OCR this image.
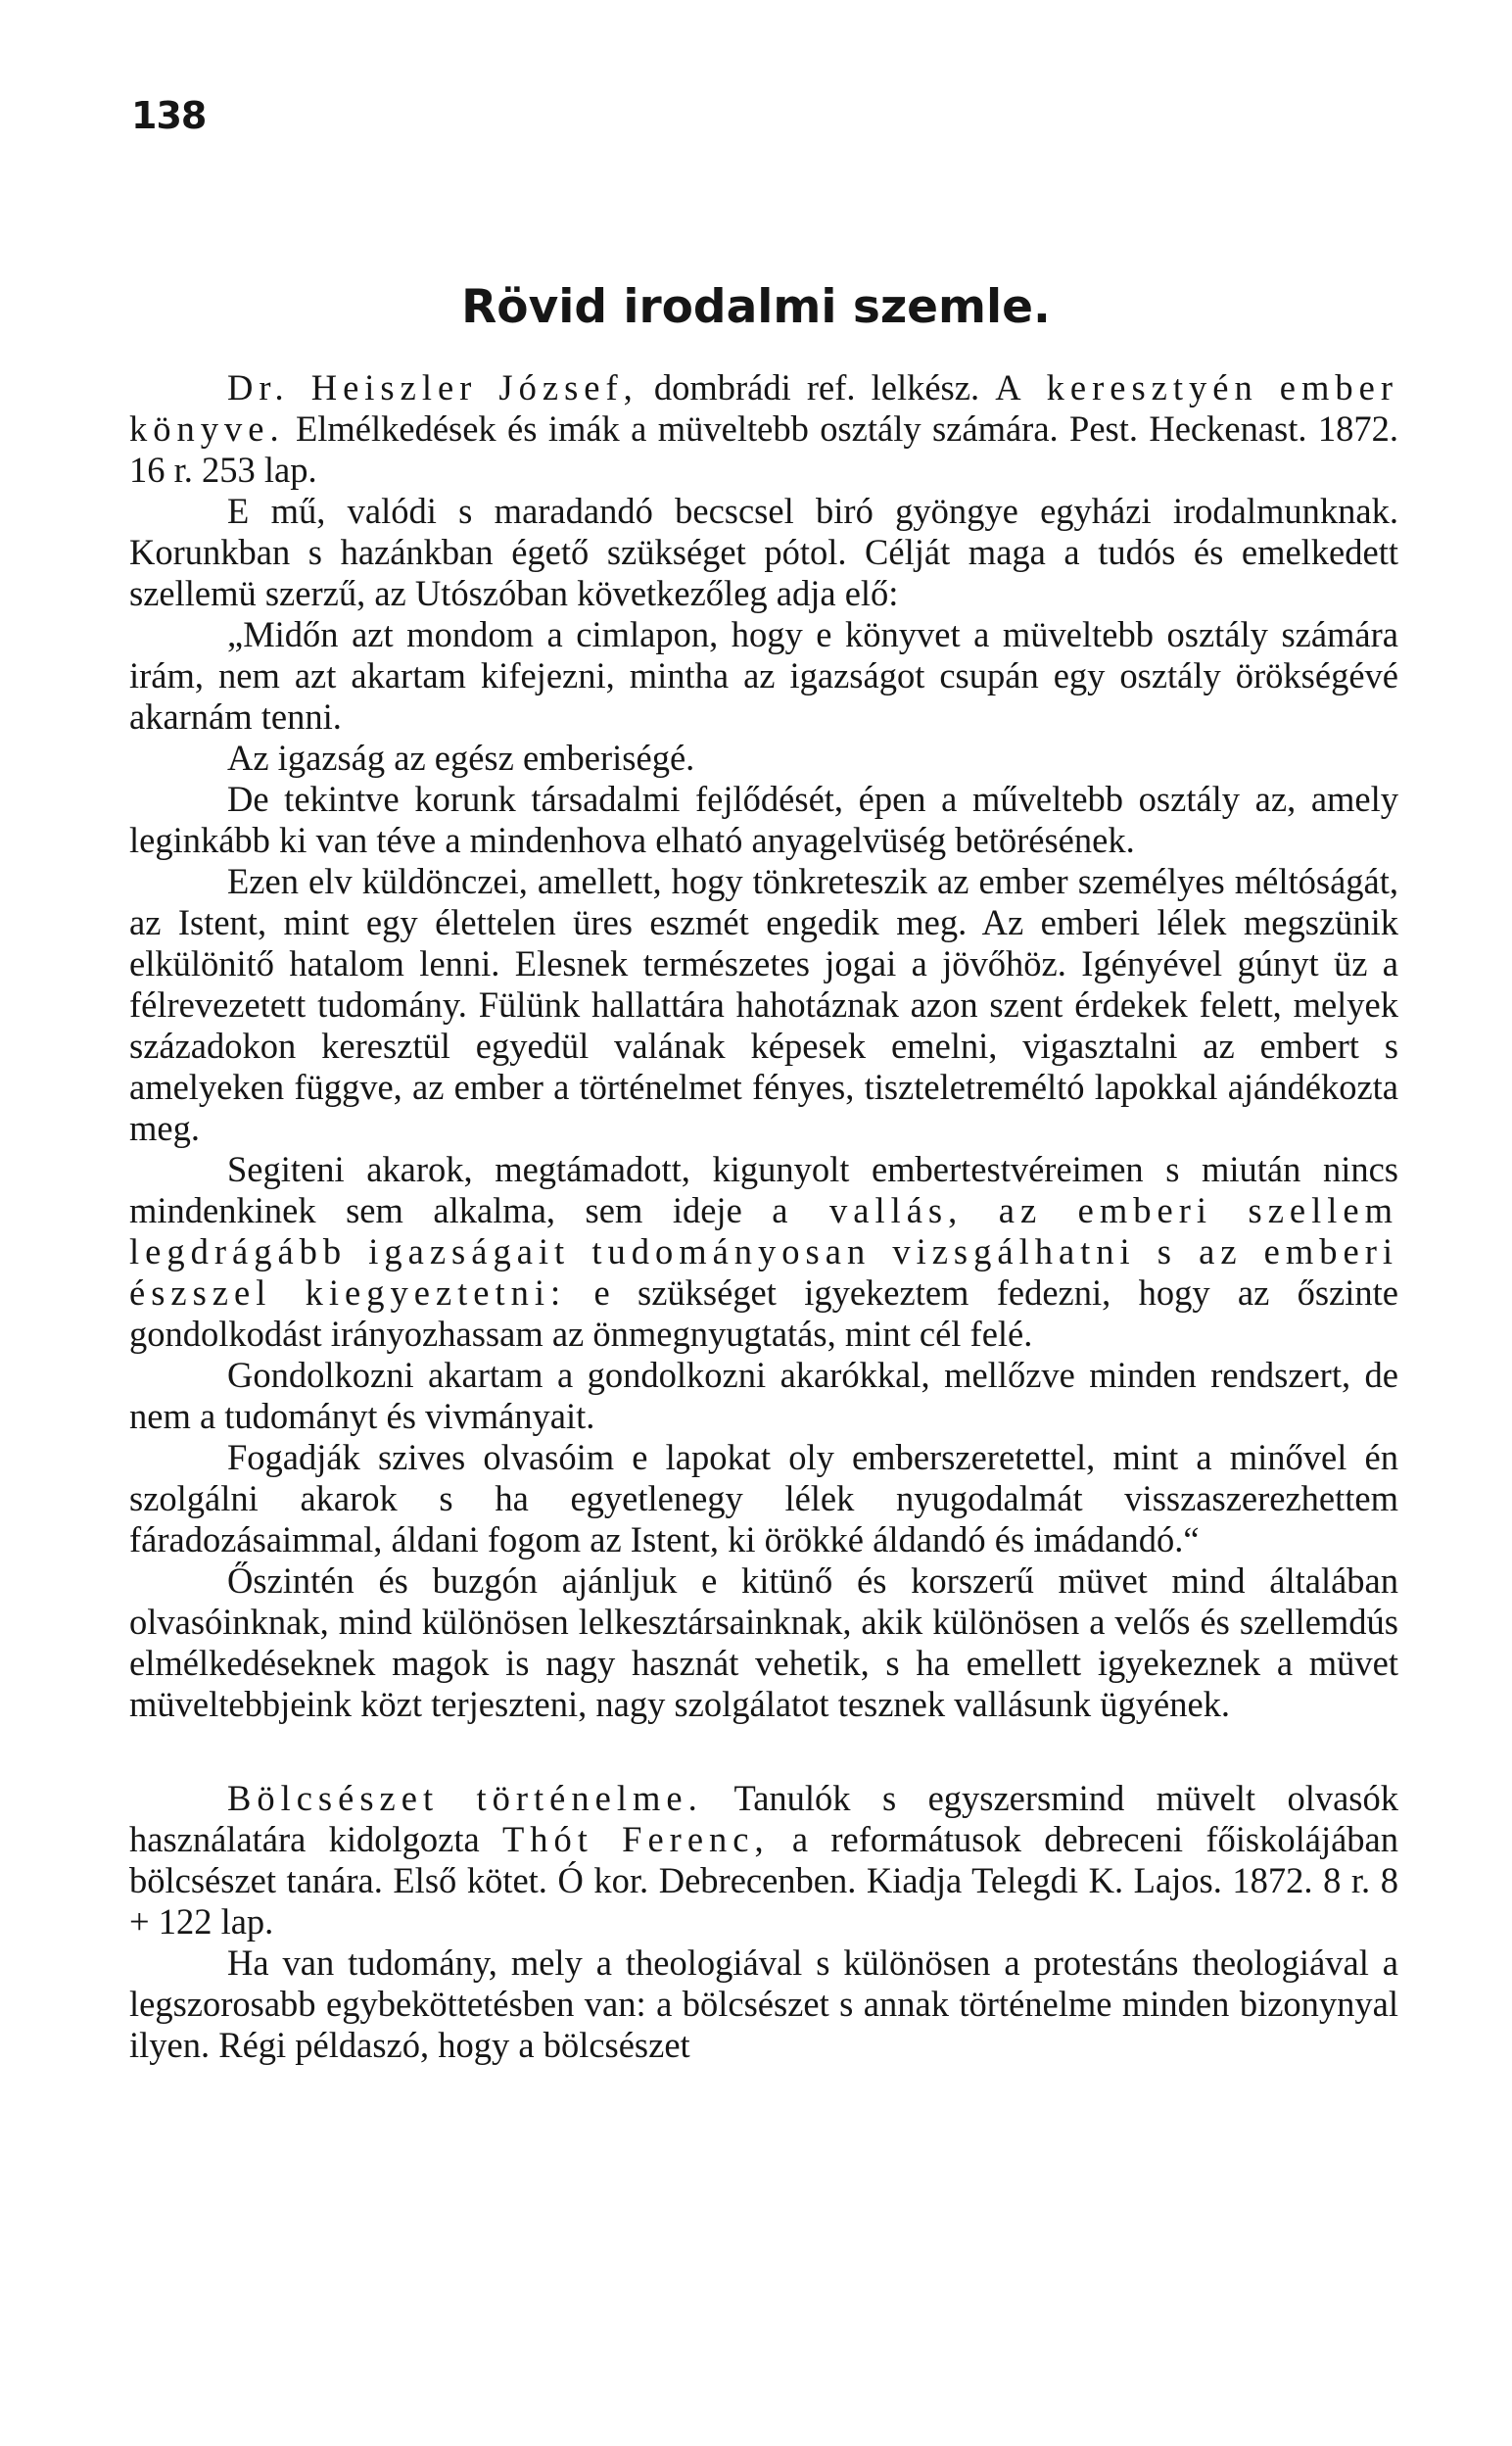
138
Rövid irodalmi szemle.

Dr. Heiszler József, dombrádi ref. lelkész. A keresztyén ember könyve. Elmélkedések és imák a müveltebb osztály számára. Pest. Heckenast. 1872. 16 r. 253 lap.

E mű, valódi s maradandó becscsel biró gyöngye egyházi irodalmunknak. Korunkban s hazánkban égető szükséget pótol. Célját maga a tudós és emelkedett szellemü szerzű, az Utószóban következőleg adja elő:

„Midőn azt mondom a cimlapon, hogy e könyvet a müveltebb osztály számára irám, nem azt akartam kifejezni, mintha az igazságot csupán egy osztály örökségévé akarnám tenni.

Az igazság az egész emberiségé.

De tekintve korunk társadalmi fejlődését, épen a műveltebb osztály az, amely leginkább ki van téve a mindenhova elható anyagelvüség betörésének.

Ezen elv küldönczei, amellett, hogy tönkreteszik az ember személyes méltóságát, az Istent, mint egy élettelen üres eszmét engedik meg. Az emberi lélek megszünik elkülönitő hatalom lenni. Elesnek természetes jogai a jövőhöz. Igényével gúnyt üz a félrevezetett tudomány. Fülünk hallattára hahotáznak azon szent érdekek felett, melyek századokon keresztül egyedül valának képesek emelni, vigasztalni az embert s amelyeken függve, az ember a történelmet fényes, tiszteletreméltó lapokkal ajándékozta meg.

Segiteni akarok, megtámadott, kigunyolt embertestvéreimen s miután nincs mindenkinek sem alkalma, sem ideje a vallás, az emberi szellem legdrágább igazságait tudományosan vizsgálhatni s az emberi észszel kiegyeztetni: e szükséget igyekeztem fedezni, hogy az őszinte gondolkodást irányozhassam az önmegnyugtatás, mint cél felé.

Gondolkozni akartam a gondolkozni akarókkal, mellőzve minden rendszert, de nem a tudományt és vivmányait.

Fogadják szives olvasóim e lapokat oly emberszeretettel, mint a minővel én szolgálni akarok s ha egyetlenegy lélek nyugodalmát visszaszerezhettem fáradozásaimmal, áldani fogom az Istent, ki örökké áldandó és imádandó.“

Őszintén és buzgón ajánljuk e kitünő és korszerű müvet mind általában olvasóinknak, mind különösen lelkesztársainknak, akik különösen a velős és szellemdús elmélkedéseknek magok is nagy hasznát vehetik, s ha emellett igyekeznek a müvet müveltebbjeink közt terjeszteni, nagy szolgálatot tesznek vallásunk ügyének.

Bölcsészet történelme. Tanulók s egyszersmind müvelt olvasók használatára kidolgozta Thót Ferenc, a reformátusok debreceni főiskolájában bölcsészet tanára. Első kötet. Ó kor. Debrecenben. Kiadja Telegdi K. Lajos. 1872. 8 r. 8 + 122 lap.

Ha van tudomány, mely a theologiával s különösen a protestáns theologiával a legszorosabb egybeköttetésben van: a bölcsészet s annak történelme minden bizonynyal ilyen. Régi példaszó, hogy a bölcsészet
